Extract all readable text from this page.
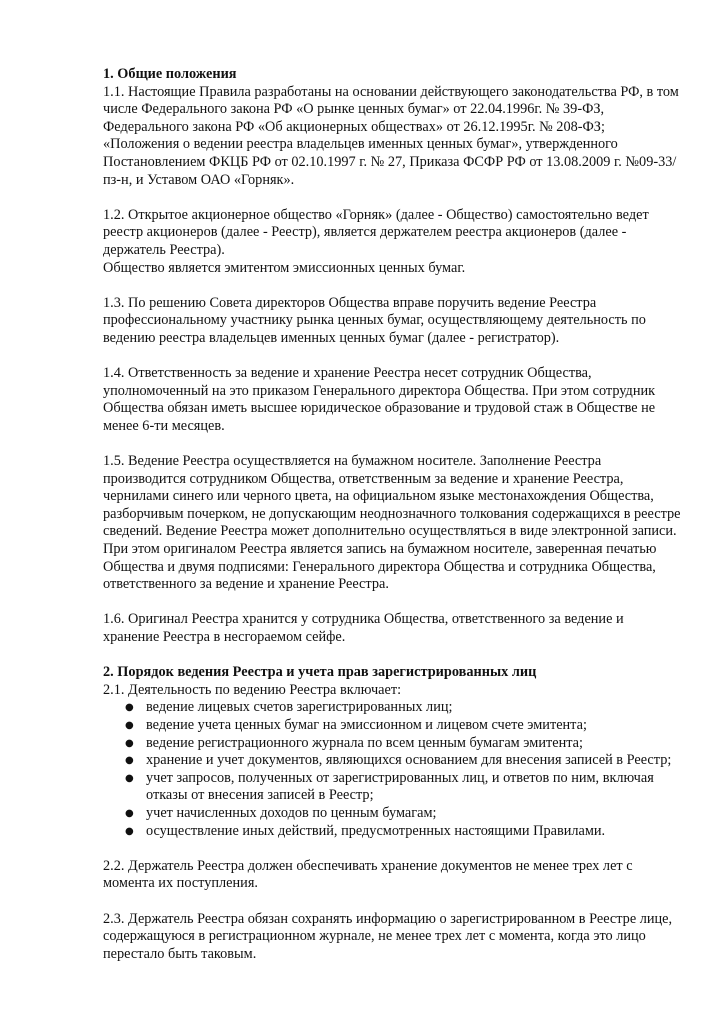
1. Общие положения

1.1. Настоящие Правила разработаны на основании действующего законодательства РФ, в том числе Федерального закона РФ «О рынке ценных бумаг» от 22.04.1996г. № 39-ФЗ, Федерального закона РФ «Об акционерных обществах» от 26.12.1995г. № 208-ФЗ; «Положения о ведении реестра владельцев именных ценных бумаг», утвержденного Постановлением ФКЦБ РФ от 02.10.1997 г. № 27, Приказа ФСФР РФ от 13.08.2009 г. №09-33/пз-н, и Уставом ОАО «Горняк».

1.2. Открытое акционерное общество «Горняк» (далее - Общество) самостоятельно ведет реестр акционеров (далее - Реестр), является держателем реестра акционеров (далее - держатель Реестра).

Общество является эмитентом эмиссионных ценных бумаг.

1.3. По решению Совета директоров Общества вправе поручить ведение Реестра профессиональному участнику рынка ценных бумаг, осуществляющему деятельность по ведению реестра владельцев именных ценных бумаг (далее - регистратор).

1.4. Ответственность за ведение и хранение Реестра несет сотрудник Общества, уполномоченный на это приказом Генерального директора Общества. При этом сотрудник Общества обязан иметь высшее юридическое образование и трудовой стаж в Обществе не менее 6-ти месяцев.

1.5. Ведение Реестра осуществляется на бумажном носителе. Заполнение Реестра производится сотрудником Общества, ответственным за ведение и хранение Реестра, чернилами синего или черного цвета, на официальном языке местонахождения Общества, разборчивым почерком, не допускающим неоднозначного толкования содержащихся в реестре сведений. Ведение Реестра может дополнительно осуществляться в виде электронной записи. При этом оригиналом Реестра является запись на бумажном носителе, заверенная печатью Общества и двумя подписями: Генерального директора Общества и сотрудника Общества, ответственного за ведение и хранение Реестра.

1.6. Оригинал Реестра хранится у сотрудника Общества, ответственного за ведение и хранение Реестра в несгораемом сейфе.

2. Порядок ведения Реестра и учета прав зарегистрированных лиц

2.1. Деятельность по ведению Реестра включает:

● ведение лицевых счетов зарегистрированных лиц;
● ведение учета ценных бумаг на эмиссионном и лицевом счете эмитента;
● ведение регистрационного журнала по всем ценным бумагам эмитента;
● хранение и учет документов, являющихся основанием для внесения записей в Реестр;
● учет запросов, полученных от зарегистрированных лиц, и ответов по ним, включая отказы от внесения записей в Реестр;
● учет начисленных доходов по ценным бумагам;
● осуществление иных действий, предусмотренных настоящими Правилами.

2.2. Держатель Реестра должен обеспечивать хранение документов не менее трех лет с момента их поступления.

2.3. Держатель Реестра обязан сохранять информацию о зарегистрированном в Реестре лице, содержащуюся в регистрационном журнале, не менее трех лет с момента, когда это лицо перестало быть таковым.
